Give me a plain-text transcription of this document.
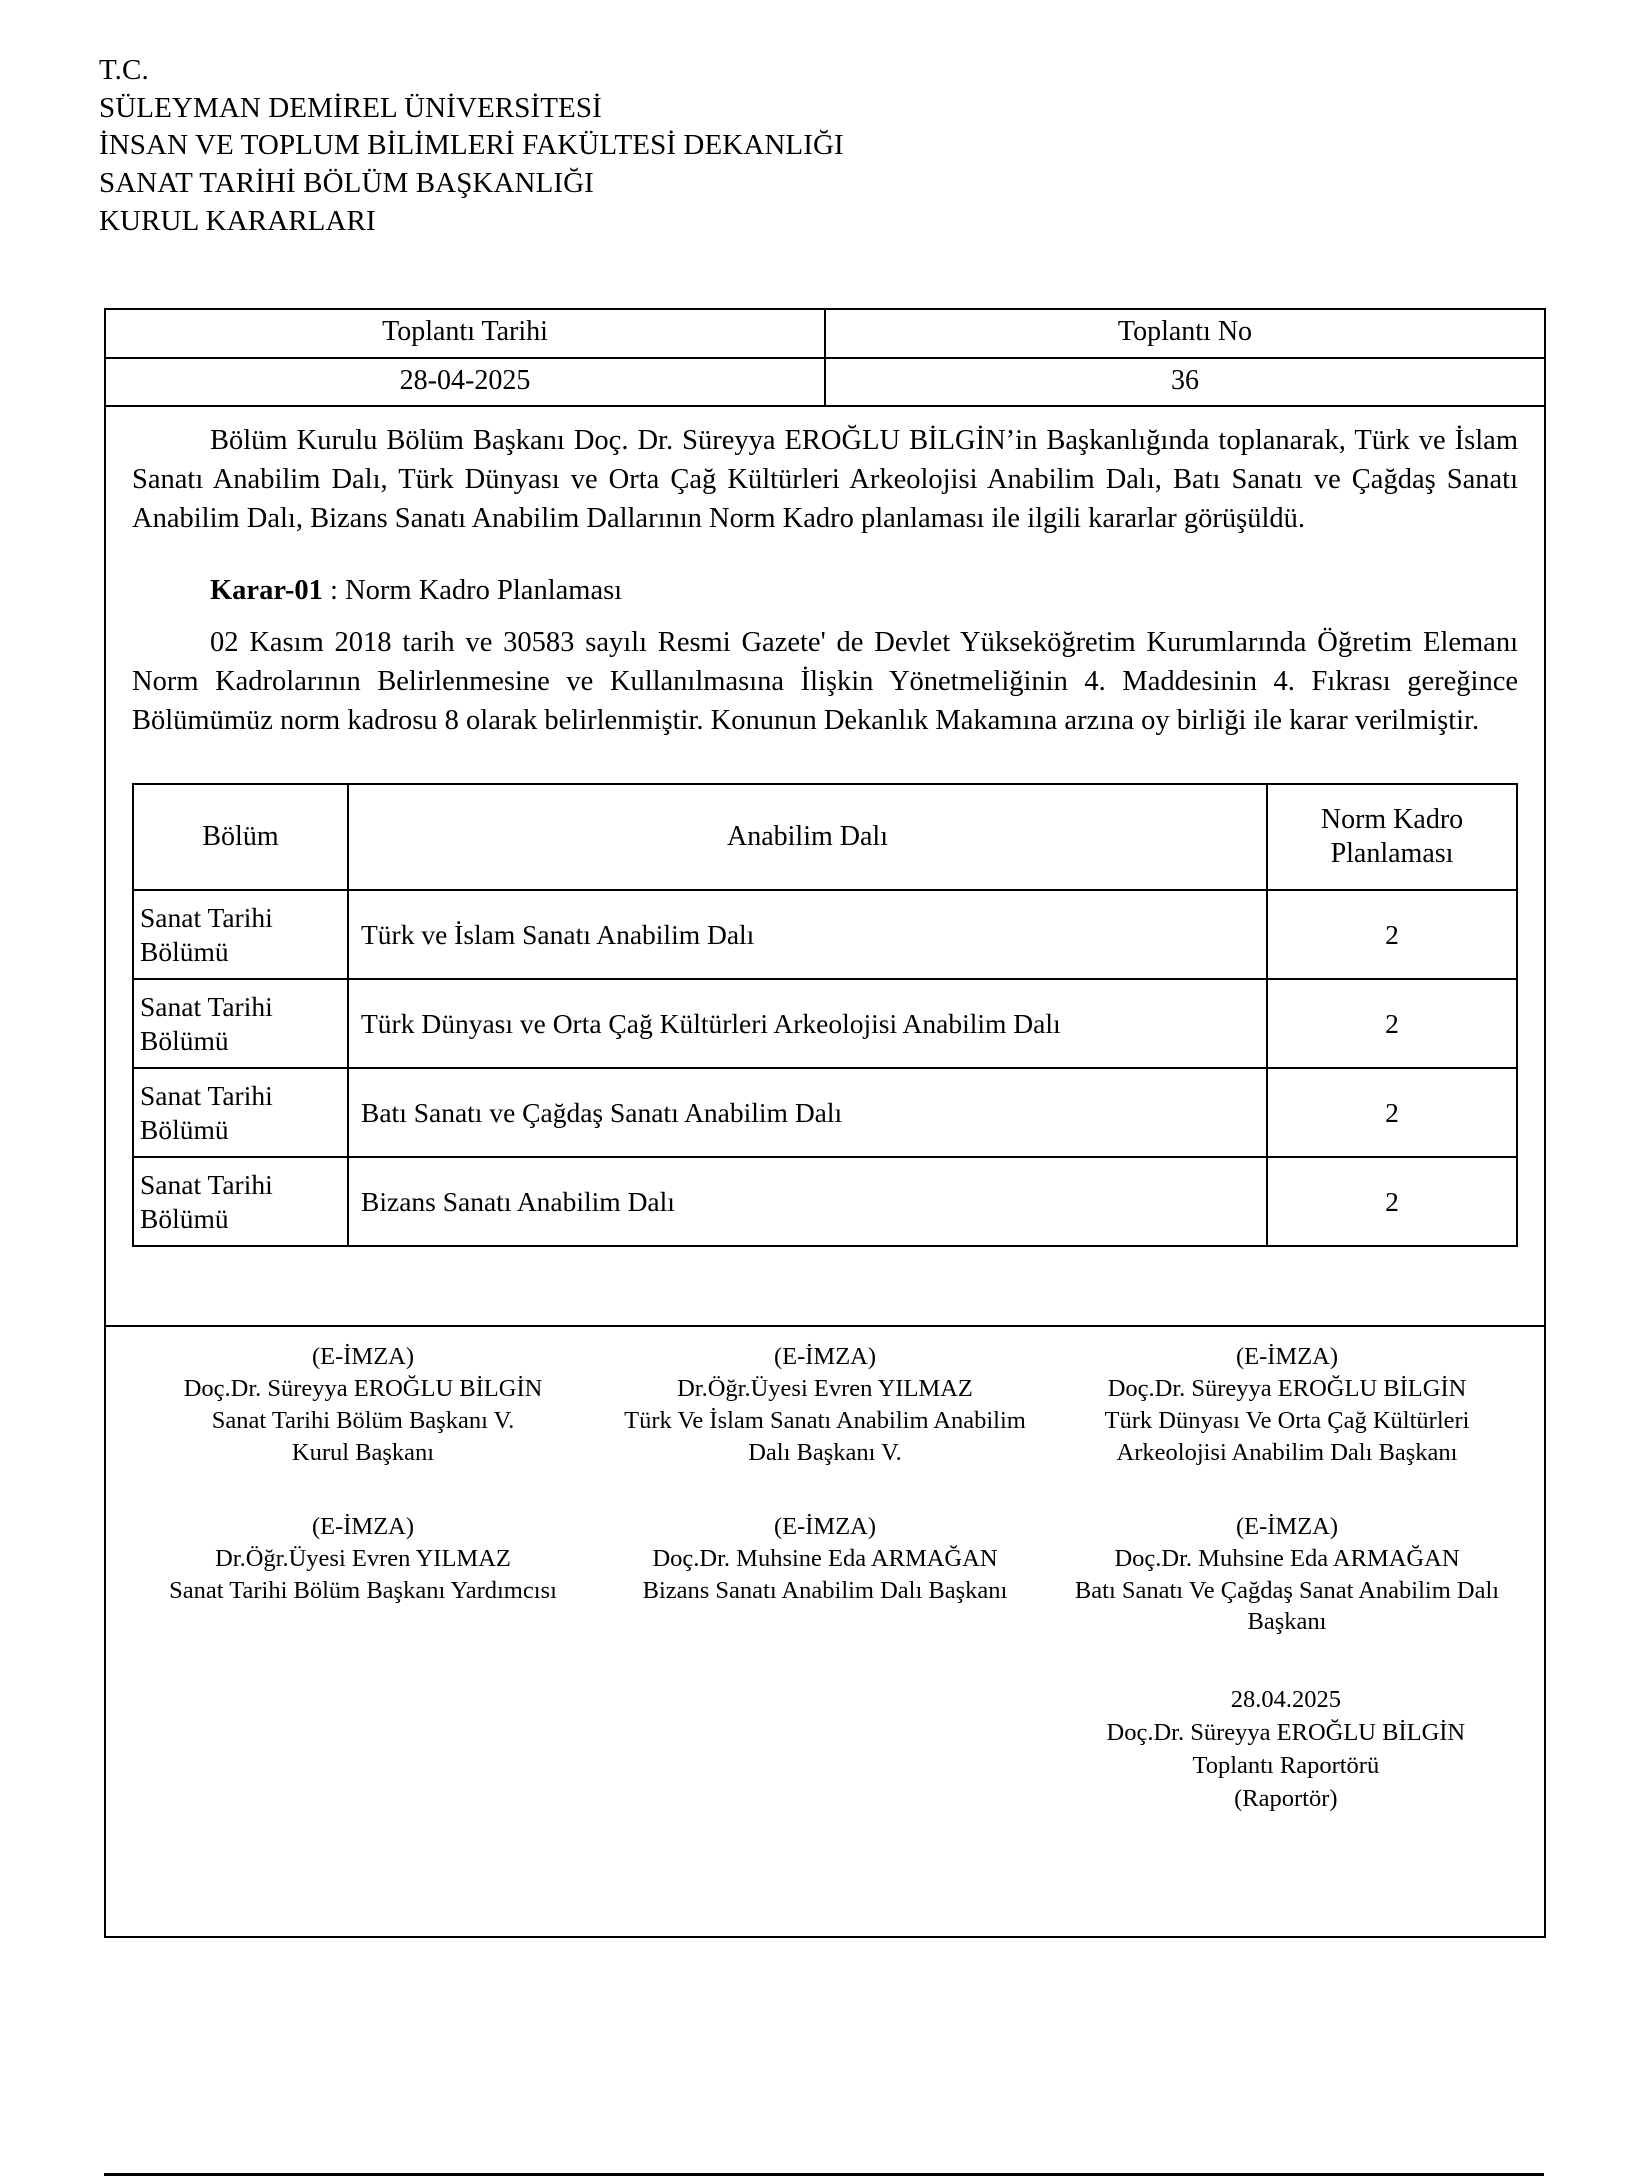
T.C.
SÜLEYMAN DEMİREL ÜNİVERSİTESİ
İNSAN VE TOPLUM BİLİMLERİ FAKÜLTESİ DEKANLIĞI
SANAT TARİHİ BÖLÜM BAŞKANLIĞI
KURUL KARARLARI
Toplantı Tarihi	Toplantı No
28-04-2025	36

Bölüm Kurulu Bölüm Başkanı Doç. Dr. Süreyya EROĞLU BİLGİN’in Başkanlığında toplanarak, Türk ve İslam Sanatı Anabilim Dalı, Türk Dünyası ve Orta Çağ Kültürleri Arkeolojisi Anabilim Dalı, Batı Sanatı ve Çağdaş Sanatı Anabilim Dalı, Bizans Sanatı Anabilim Dallarının Norm Kadro planlaması ile ilgili kararlar görüşüldü.

Karar-01 : Norm Kadro Planlaması

02 Kasım 2018 tarih ve 30583 sayılı Resmi Gazete' de Devlet Yükseköğretim Kurumlarında Öğretim Elemanı Norm Kadrolarının Belirlenmesine ve Kullanılmasına İlişkin Yönetmeliğinin 4. Maddesinin 4. Fıkrası gereğince Bölümümüz norm kadrosu 8 olarak belirlenmiştir. Konunun Dekanlık Makamına arzına oy birliği ile karar verilmiştir.

Bölüm	Anabilim Dalı	Norm Kadro Planlaması
Sanat Tarihi Bölümü	Türk ve İslam Sanatı Anabilim Dalı	2
Sanat Tarihi Bölümü	Türk Dünyası ve Orta Çağ Kültürleri Arkeolojisi Anabilim Dalı	2
Sanat Tarihi Bölümü	Batı Sanatı ve Çağdaş Sanatı Anabilim Dalı	2
Sanat Tarihi Bölümü	Bizans Sanatı Anabilim Dalı	2
(E-İMZA)
Doç.Dr. Süreyya EROĞLU BİLGİN
Sanat Tarihi Bölüm Başkanı V.
Kurul Başkanı
(E-İMZA)
Dr.Öğr.Üyesi Evren YILMAZ
Türk Ve İslam Sanatı Anabilim Anabilim
Dalı Başkanı V.
(E-İMZA)
Doç.Dr. Süreyya EROĞLU BİLGİN
Türk Dünyası Ve Orta Çağ Kültürleri
Arkeolojisi Anabilim Dalı Başkanı
(E-İMZA)
Dr.Öğr.Üyesi Evren YILMAZ
Sanat Tarihi Bölüm Başkanı Yardımcısı
(E-İMZA)
Doç.Dr. Muhsine Eda ARMAĞAN
Bizans Sanatı Anabilim Dalı Başkanı
(E-İMZA)
Doç.Dr. Muhsine Eda ARMAĞAN
Batı Sanatı Ve Çağdaş Sanat Anabilim Dalı
Başkanı
28.04.2025
Doç.Dr. Süreyya EROĞLU BİLGİN
Toplantı Raportörü
(Raportör)
